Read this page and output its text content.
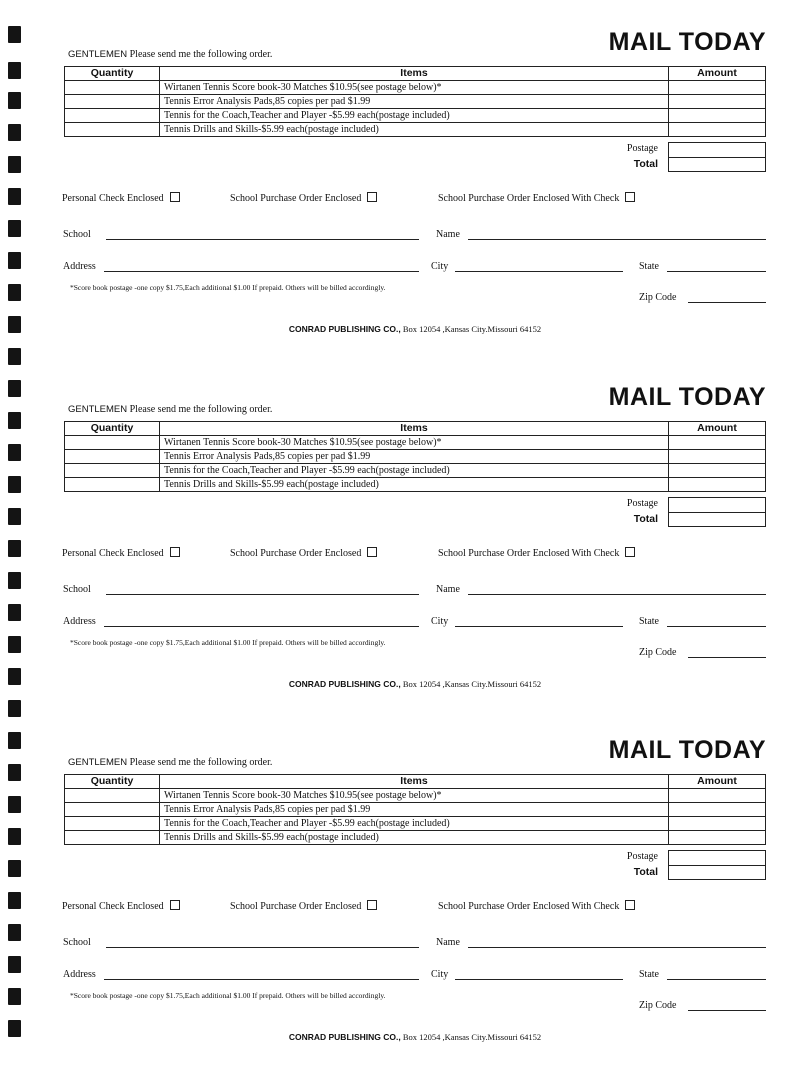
MAIL TODAY
GENTLEMEN Please send me the following order.
Quantity	Items	Amount
	Wirtanen Tennis Score book-30 Matches $10.95(see postage below)*	
	Tennis Error Analysis Pads,85 copies per pad $1.99	
	Tennis for the Coach,Teacher and Player -$5.99 each(postage included)	
	Tennis Drills and Skills-$5.99 each(postage included)	
Postage
Total
Personal Check Enclosed	School Purchase Order Enclosed	School Purchase Order Enclosed With Check
School	Name
Address	City	State
*Score book postage -one copy $1.75,Each additional $1.00 If prepaid. Others will be billed accordingly.
Zip Code
CONRAD PUBLISHING CO., Box 12054 ,Kansas City.Missouri 64152
MAIL TODAY
GENTLEMEN Please send me the following order.
Quantity	Items	Amount
	Wirtanen Tennis Score book-30 Matches $10.95(see postage below)*	
	Tennis Error Analysis Pads,85 copies per pad $1.99	
	Tennis for the Coach,Teacher and Player -$5.99 each(postage included)	
	Tennis Drills and Skills-$5.99 each(postage included)	
Postage
Total
Personal Check Enclosed	School Purchase Order Enclosed	School Purchase Order Enclosed With Check
School	Name
Address	City	State
*Score book postage -one copy $1.75,Each additional $1.00 If prepaid. Others will be billed accordingly.
Zip Code
CONRAD PUBLISHING CO., Box 12054 ,Kansas City.Missouri 64152
MAIL TODAY
GENTLEMEN Please send me the following order.
Quantity	Items	Amount
	Wirtanen Tennis Score book-30 Matches $10.95(see postage below)*	
	Tennis Error Analysis Pads,85 copies per pad $1.99	
	Tennis for the Coach,Teacher and Player -$5.99 each(postage included)	
	Tennis Drills and Skills-$5.99 each(postage included)	
Postage
Total
Personal Check Enclosed	School Purchase Order Enclosed	School Purchase Order Enclosed With Check
School	Name
Address	City	State
*Score book postage -one copy $1.75,Each additional $1.00 If prepaid. Others will be billed accordingly.
Zip Code
CONRAD PUBLISHING CO., Box 12054 ,Kansas City.Missouri 64152
